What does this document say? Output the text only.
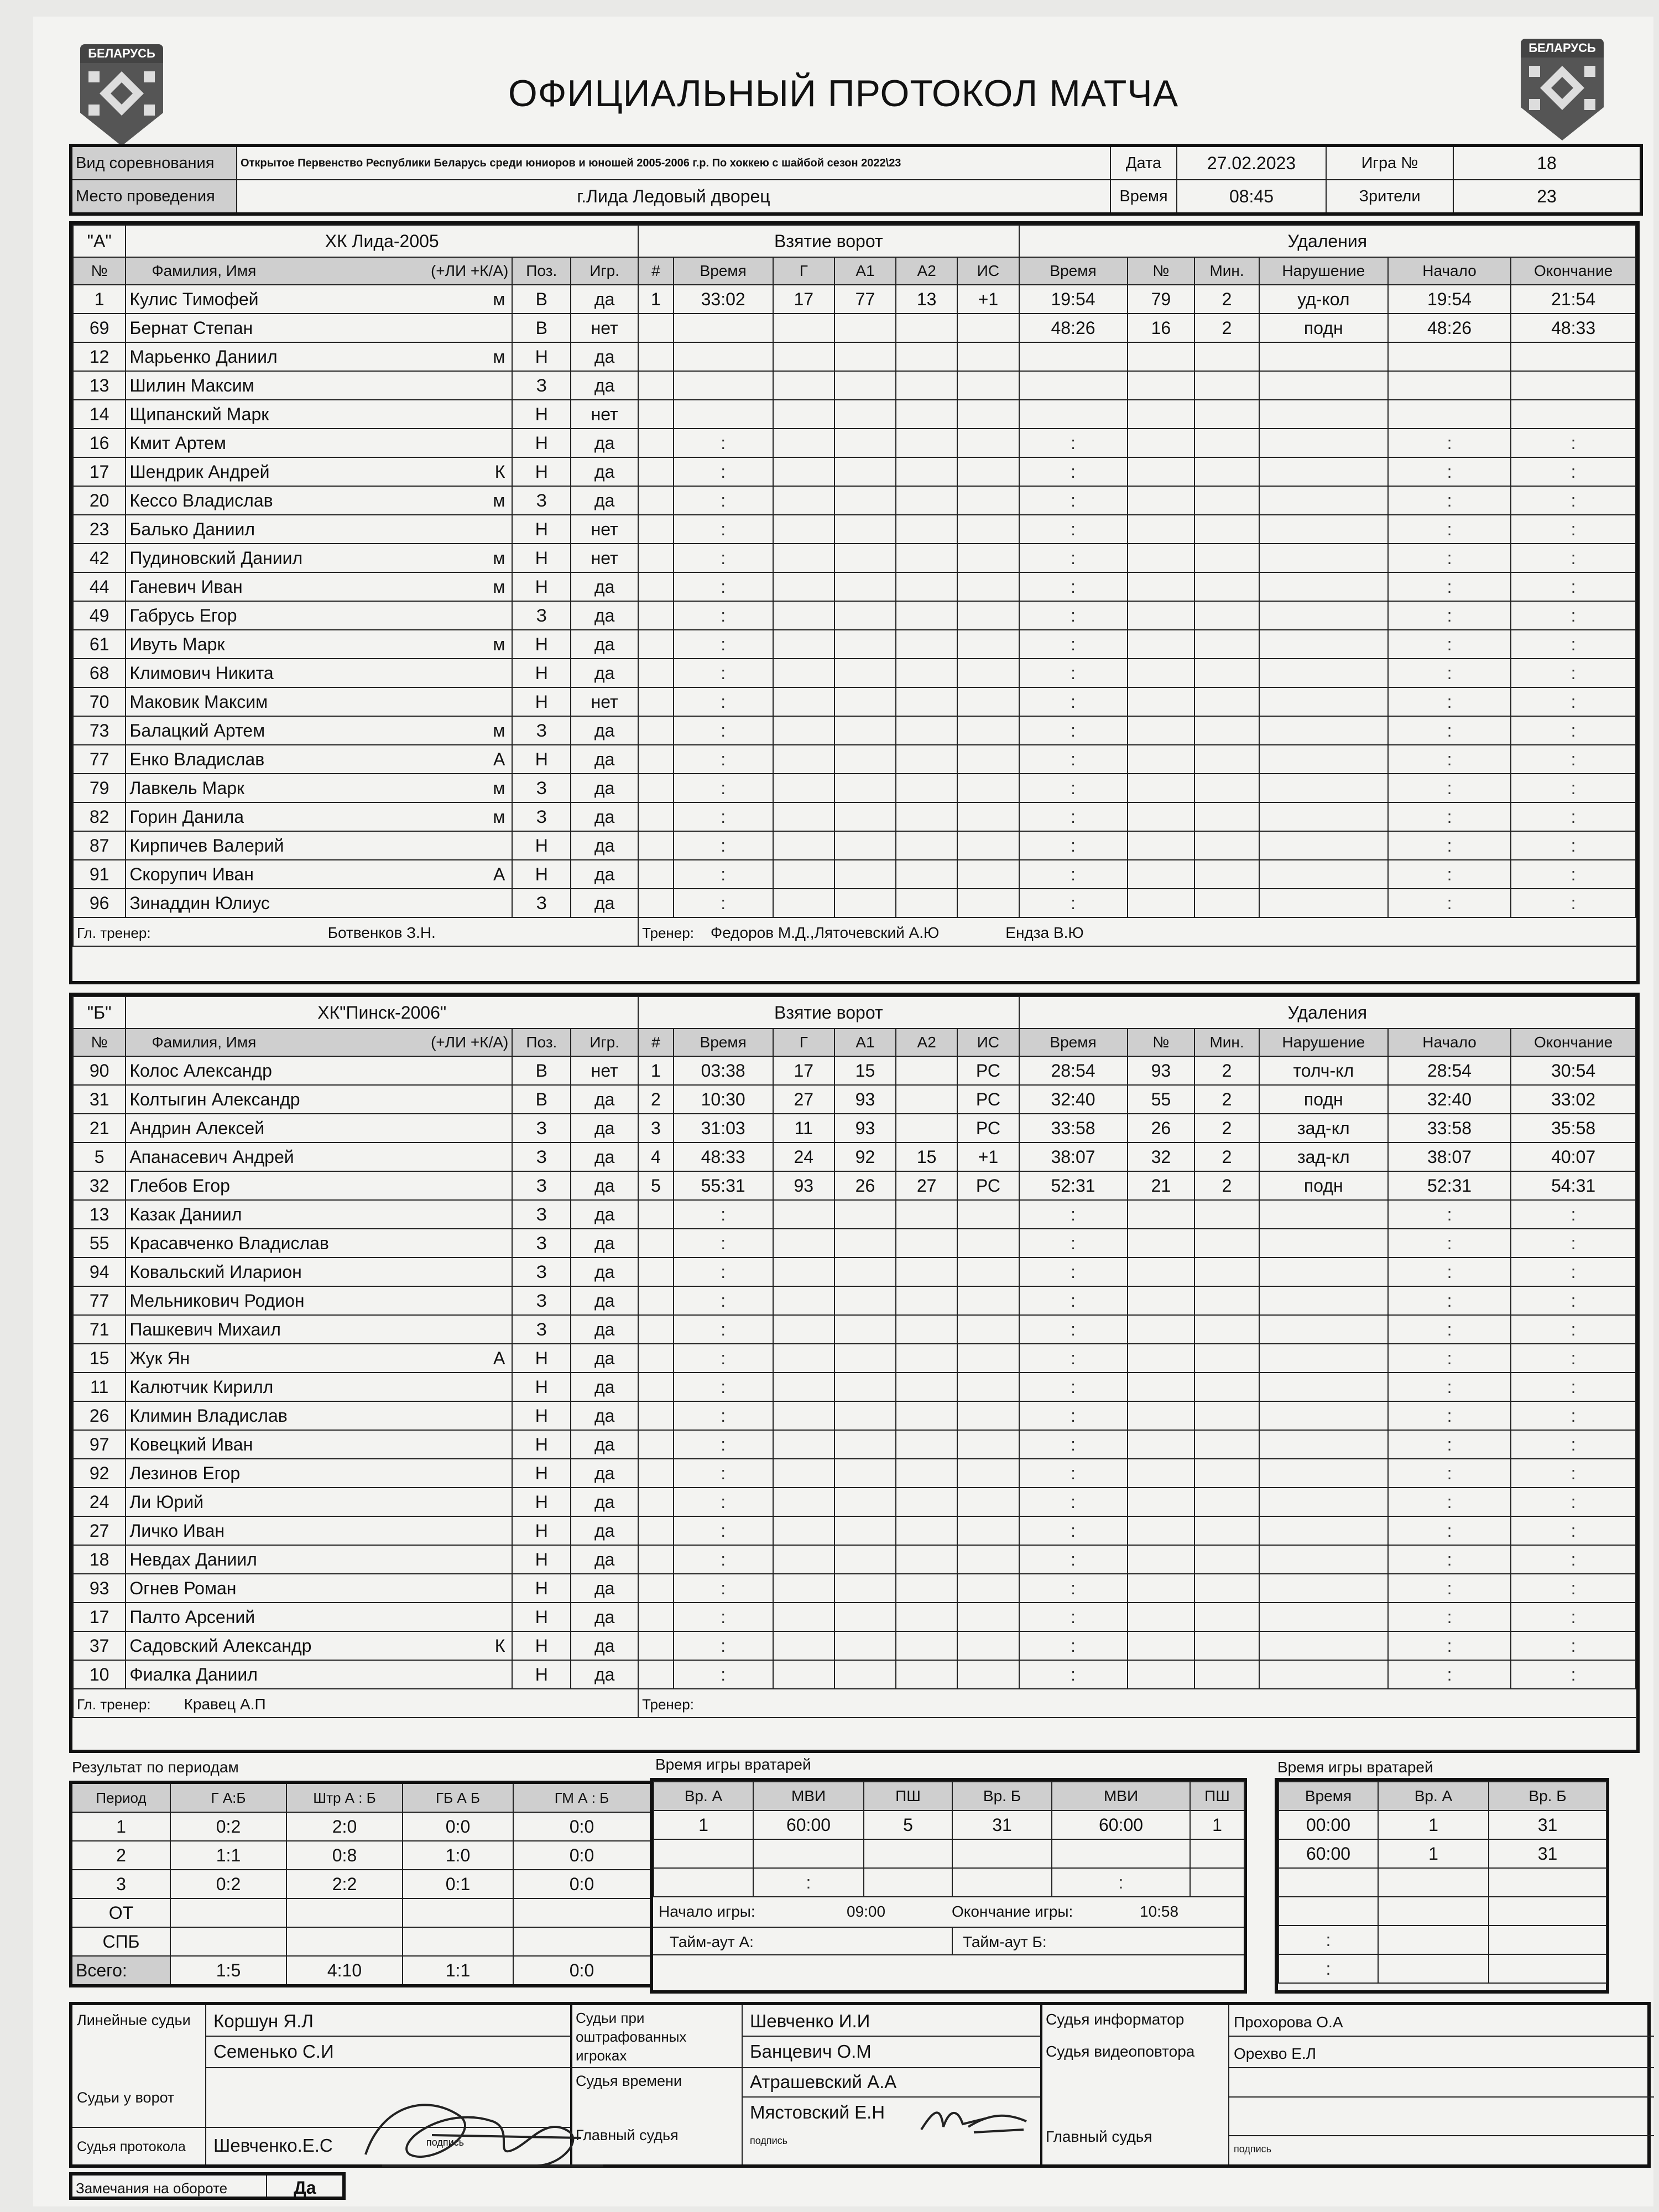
БЕЛАРУСЬ	БЕЛАРУСЬ
ОФИЦИАЛЬНЫЙ ПРОТОКОЛ МАТЧА
Вид соревнования	Открытое Первенство Республики Беларусь среди юниоров и юношей 2005-2006 г.р. По хоккею с шайбой сезон 2022\23	Дата	27.02.2023	Игра №	18
Место проведения	г.Лида Ледовый дворец	Время	08:45	Зрители	23
"А"	ХК Лида-2005			Взятие ворот						Удаления					
№	Фамилия, Имя (+ЛИ +К/А)	Поз.	Игр.	#	Время	Г	А1	А2	ИС	Время	№	Мин.	Нарушение	Начало	Окончание
1	Кулис Тимофей м	В	да	1	33:02	17	77	13	+1	19:54	79	2	уд-кол	19:54	21:54
69	Бернат Степан	В	нет							48:26	16	2	подн	48:26	48:33
12	Марьенко Даниил м	Н	да												
13	Шилин Максим	З	да												
14	Щипанский Марк	Н	нет												
16	Кмит Артем	Н	да		:					:				:	:
17	Шендрик Андрей К	Н	да		:					:				:	:
20	Кессо Владислав м	З	да		:					:				:	:
23	Балько Даниил	Н	нет		:					:				:	:
42	Пудиновский Даниил м	Н	нет		:					:				:	:
44	Ганевич Иван м	Н	да		:					:				:	:
49	Габрусь Егор	З	да		:					:				:	:
61	Ивуть Марк м	Н	да		:					:				:	:
68	Климович Никита	Н	да		:					:				:	:
70	Маковик Максим	Н	нет		:					:				:	:
73	Балацкий Артем м	З	да		:					:				:	:
77	Енко Владислав А	Н	да		:					:				:	:
79	Лавкель Марк м	З	да		:					:				:	:
82	Горин Данила м	З	да		:					:				:	:
87	Кирпичев Валерий	Н	да		:					:				:	:
91	Скорупич Иван А	Н	да		:					:				:	:
96	Зинаддин Юлиус	З	да		:					:				:	:
Гл. тренер: Ботвенков З.Н.				Тренер: Федоров М.Д.,Ляточевский А.Ю Ендза В.Ю											
"Б"	ХК"Пинск-2006"			Взятие ворот						Удаления					
№	Фамилия, Имя (+ЛИ +К/А)	Поз.	Игр.	#	Время	Г	А1	А2	ИС	Время	№	Мин.	Нарушение	Начало	Окончание
90	Колос Александр	В	нет	1	03:38	17	15		РС	28:54	93	2	толч-кл	28:54	30:54
31	Колтыгин Александр	В	да	2	10:30	27	93		РС	32:40	55	2	подн	32:40	33:02
21	Андрин Алексей	З	да	3	31:03	11	93		РС	33:58	26	2	зад-кл	33:58	35:58
5	Апанасевич Андрей	З	да	4	48:33	24	92	15	+1	38:07	32	2	зад-кл	38:07	40:07
32	Глебов Егор	З	да	5	55:31	93	26	27	РС	52:31	21	2	подн	52:31	54:31
13	Казак Даниил	З	да		:					:				:	:
55	Красавченко Владислав	З	да		:					:				:	:
94	Ковальский Иларион	З	да		:					:				:	:
77	Мельникович Родион	З	да		:					:				:	:
71	Пашкевич Михаил	З	да		:					:				:	:
15	Жук Ян А	Н	да		:					:				:	:
11	Калютчик Кирилл	Н	да		:					:				:	:
26	Климин Владислав	Н	да		:					:				:	:
97	Ковецкий Иван	Н	да		:					:				:	:
92	Лезинов Егор	Н	да		:					:				:	:
24	Ли Юрий	Н	да		:					:				:	:
27	Личко Иван	Н	да		:					:				:	:
18	Невдах Даниил	Н	да		:					:				:	:
93	Огнев Роман	Н	да		:					:				:	:
17	Палто Арсений	Н	да		:					:				:	:
37	Садовский Александр К	Н	да		:					:				:	:
10	Фиалка Даниил	Н	да		:					:				:	:
Гл. тренер: Кравец А.П				Тренер:											
Результат по периодам
Период	Г А:Б	Штр А : Б	ГБ А Б	ГМ А : Б
1	0:2	2:0	0:0	0:0
2	1:1	0:8	1:0	0:0
3	0:2	2:2	0:1	0:0
ОТ				
СПБ				
Всего:	1:5	4:10	1:1	0:0
Время игры вратарей
Вр. А	МВИ	ПШ	Вр. Б	МВИ	ПШ
1	60:00	5	31	60:00	1

	:			:	
Начало игры:	09:00	Окончание игры:	10:58
Тайм-аут А:	Тайм-аут Б:
Время игры вратарей
Время	Вр. А	Вр. Б
00:00	1	31
60:00	1	31

:		
:		
Линейные судьи	Коршун Я.Л
Семенько С.И
Судьи у ворот
Судья протокола Шевченко.Е.С	подпись
Судьи при оштрафованных игроках
Шевченко И.И
Банцевич О.М
Судья времени	Атрашевский А.А
Главный судья
Мястовский Е.Н
подпись
Судья информатор	Прохорова О.А
Судья видеоповтора	Орехво Е.Л
Главный судья
подпись
Замечания на обороте	Да
